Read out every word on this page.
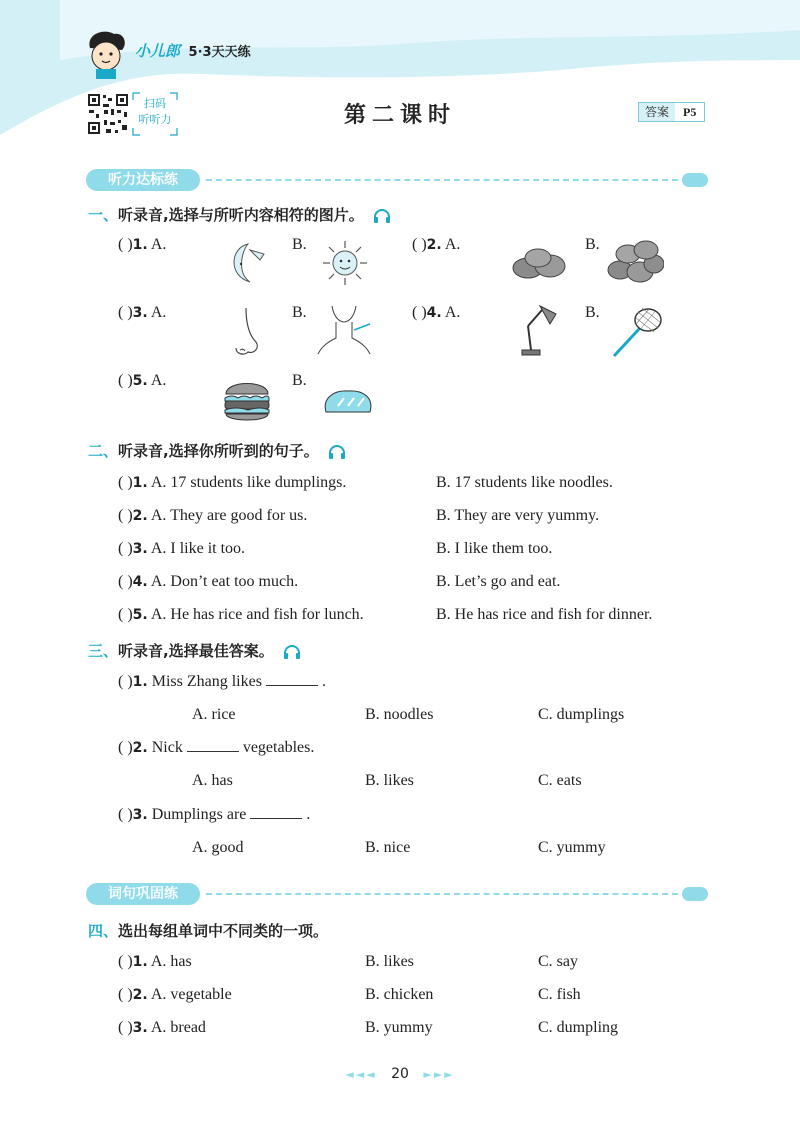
小儿郎 5·3天天练
扫码
听听力	第二课时	答案	P5
听力达标练
一、听录音,选择与所听内容相符的图片。
( )1. A.	B.	( )2. A.	B.
( )3. A.	B.	( )4. A.	B.
( )5. A.	B.
二、听录音,选择你所听到的句子。
( )1. A. 17 students like dumplings.	B. 17 students like noodles.
( )2. A. They are good for us.	B. They are very yummy.
( )3. A. I like it too.	B. I like them too.
( )4. A. Don’t eat too much.	B. Let’s go and eat.
( )5. A. He has rice and fish for lunch.	B. He has rice and fish for dinner.
三、听录音,选择最佳答案。
( )1. Miss Zhang likes	.
A. rice	B. noodles	C. dumplings
( )2. Nick	vegetables.
A. has	B. likes	C. eats
( )3. Dumplings are	.
A. good	B. nice	C. yummy
词句巩固练
四、选出每组单词中不同类的一项。
( )1. A. has	B. likes	C. say
( )2. A. vegetable	B. chicken	C. fish
( )3. A. bread	B. yummy	C. dumpling
◄◄◄ 20 ►►►
